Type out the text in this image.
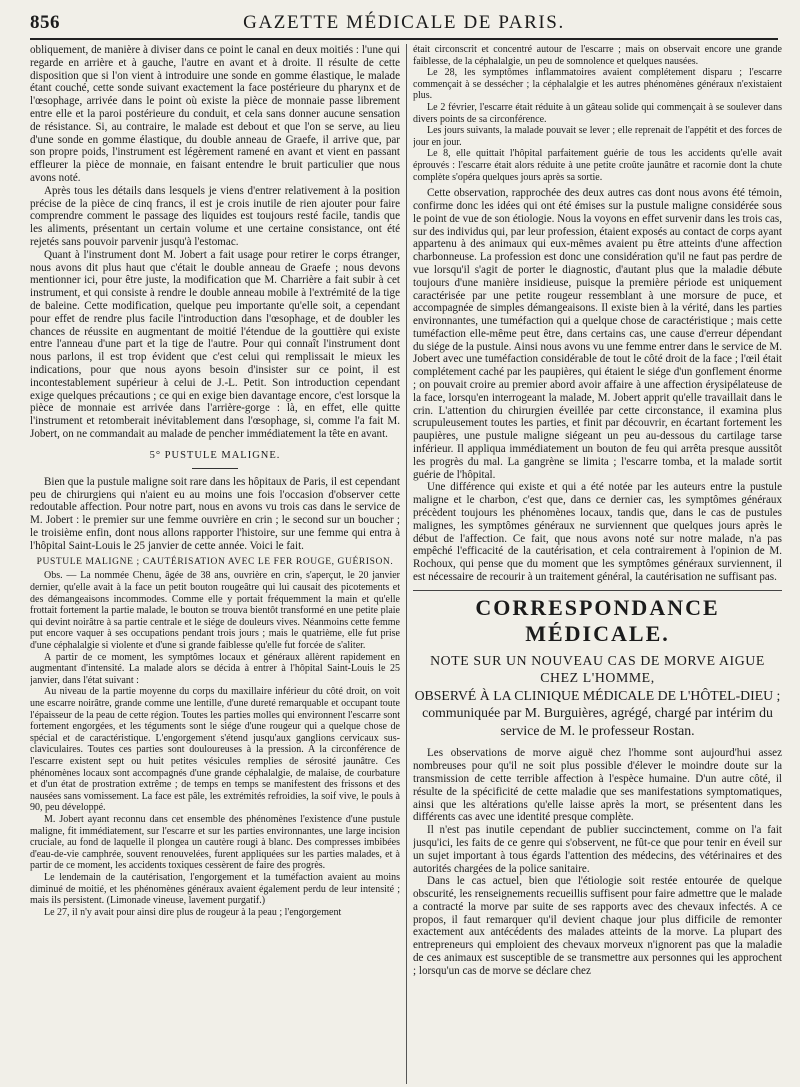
856	GAZETTE MÉDICALE DE PARIS.

obliquement, de manière à diviser dans ce point le canal en deux moitiés : l'une qui regarde en arrière et à gauche, l'autre en avant et à droite. Il résulte de cette disposition que si l'on vient à introduire une sonde en gomme élastique, le malade étant couché, cette sonde suivant exactement la face postérieure du pharynx et de l'œsophage, arrivée dans le point où existe la pièce de monnaie passe librement entre elle et la paroi postérieure du conduit, et cela sans donner aucune sensation de résistance. Si, au contraire, le malade est debout et que l'on se serve, au lieu d'une sonde en gomme élastique, du double anneau de Graefe, il arrive que, par son propre poids, l'instrument est légèrement ramené en avant et vient en passant effleurer la pièce de monnaie, en faisant entendre le bruit particulier que nous avons noté.

Après tous les détails dans lesquels je viens d'entrer relativement à la position précise de la pièce de cinq francs, il est je crois inutile de rien ajouter pour faire comprendre comment le passage des liquides est toujours resté facile, tandis que les aliments, présentant un certain volume et une certaine consistance, ont été rejetés sans pouvoir parvenir jusqu'à l'estomac.

Quant à l'instrument dont M. Jobert a fait usage pour retirer le corps étranger, nous avons dit plus haut que c'était le double anneau de Graefe ; nous devons mentionner ici, pour être juste, la modification que M. Charrière a fait subir à cet instrument, et qui consiste à rendre le double anneau mobile à l'extrémité de la tige de baleine. Cette modification, quelque peu importante qu'elle soit, a cependant pour effet de rendre plus facile l'introduction dans l'œsophage, et de doubler les chances de réussite en augmentant de moitié l'étendue de la gouttière qui existe entre l'anneau d'une part et la tige de l'autre. Pour qui connaît l'instrument dont nous parlons, il est trop évident que c'est celui qui remplissait le mieux les indications, pour que nous ayons besoin d'insister sur ce point, il est incontestablement supérieur à celui de J.-L. Petit. Son introduction cependant exige quelques précautions ; ce qui en exige bien davantage encore, c'est lorsque la pièce de monnaie est arrivée dans l'arrière-gorge : là, en effet, elle quitte l'instrument et retomberait inévitablement dans l'œsophage, si, comme l'a fait M. Jobert, on ne commandait au malade de pencher immédiatement la tête en avant.

5° PUSTULE MALIGNE.

Bien que la pustule maligne soit rare dans les hôpitaux de Paris, il est cependant peu de chirurgiens qui n'aient eu au moins une fois l'occasion d'observer cette redoutable affection. Pour notre part, nous en avons vu trois cas dans le service de M. Jobert : le premier sur une femme ouvrière en crin ; le second sur un boucher ; le troisième enfin, dont nous allons rapporter l'histoire, sur une femme qui entra à l'hôpital Saint-Louis le 25 janvier de cette année. Voici le fait.

PUSTULE MALIGNE ; CAUTÉRISATION AVEC LE FER ROUGE, GUÉRISON.

Obs. — La nommée Chenu, âgée de 38 ans, ouvrière en crin, s'aperçut, le 20 janvier dernier, qu'elle avait à la face un petit bouton rougeâtre qui lui causait des picotements et des démangeaisons incommodes. Comme elle y portait fréquemment la main et qu'elle frottait fortement la partie malade, le bouton se trouva bientôt transformé en une petite plaie qui devint noirâtre à sa partie centrale et le siége de douleurs vives. Néanmoins cette femme put encore vaquer à ses occupations pendant trois jours ; mais le quatrième, elle fut prise d'une céphalalgie si violente et d'une si grande faiblesse qu'elle fut forcée de s'aliter.

A partir de ce moment, les symptômes locaux et généraux allèrent rapidement en augmentant d'intensité. La malade alors se décida à entrer à l'hôpital Saint-Louis le 25 janvier, dans l'état suivant :

Au niveau de la partie moyenne du corps du maxillaire inférieur du côté droit, on voit une escarre noirâtre, grande comme une lentille, d'une dureté remarquable et occupant toute l'épaisseur de la peau de cette région. Toutes les parties molles qui environnent l'escarre sont fortement engorgées, et les téguments sont le siége d'une rougeur qui a quelque chose de spécial et de caractéristique. L'engorgement s'étend jusqu'aux ganglions cervicaux sus-claviculaires. Toutes ces parties sont douloureuses à la pression. A la circonférence de l'escarre existent sept ou huit petites vésicules remplies de sérosité jaunâtre. Ces phénomènes locaux sont accompagnés d'une grande céphalalgie, de malaise, de courbature et d'un état de prostration extrême ; de temps en temps se manifestent des frissons et des nausées sans vomissement. La face est pâle, les extrémités refroidies, la soif vive, le pouls à 90, peu développé.

M. Jobert ayant reconnu dans cet ensemble des phénomènes l'existence d'une pustule maligne, fit immédiatement, sur l'escarre et sur les parties environnantes, une large incision cruciale, au fond de laquelle il plongea un cautère rougi à blanc. Des compresses imbibées d'eau-de-vie camphrée, souvent renouvelées, furent appliquées sur les parties malades, et à partir de ce moment, les accidents toxiques cessèrent de faire des progrès.

Le lendemain de la cautérisation, l'engorgement et la tuméfaction avaient au moins diminué de moitié, et les phénomènes généraux avaient également perdu de leur intensité ; mais ils persistent. (Limonade vineuse, lavement purgatif.)

Le 27, il n'y avait pour ainsi dire plus de rougeur à la peau ; l'engorgement

était circonscrit et concentré autour de l'escarre ; mais on observait encore une grande faiblesse, de la céphalalgie, un peu de somnolence et quelques nausées.

Le 28, les symptômes inflammatoires avaient complétement disparu ; l'escarre commençait à se dessécher ; la céphalalgie et les autres phénomènes généraux n'existaient plus.

Le 2 février, l'escarre était réduite à un gâteau solide qui commençait à se soulever dans divers points de sa circonférence.

Les jours suivants, la malade pouvait se lever ; elle reprenait de l'appétit et des forces de jour en jour.

Le 8, elle quittait l'hôpital parfaitement guérie de tous les accidents qu'elle avait éprouvés : l'escarre était alors réduite à une petite croûte jaunâtre et racornie dont la chute complète s'opéra quelques jours après sa sortie.

Cette observation, rapprochée des deux autres cas dont nous avons été témoin, confirme donc les idées qui ont été émises sur la pustule maligne considérée sous le point de vue de son étiologie. Nous la voyons en effet survenir dans les trois cas, sur des individus qui, par leur profession, étaient exposés au contact de corps ayant appartenu à des animaux qui eux-mêmes avaient pu être atteints d'une affection charbonneuse. La profession est donc une considération qu'il ne faut pas perdre de vue lorsqu'il s'agit de porter le diagnostic, d'autant plus que la maladie débute toujours d'une manière insidieuse, puisque la première période est uniquement caractérisée par une petite rougeur ressemblant à une morsure de puce, et accompagnée de simples démangeaisons. Il existe bien à la vérité, dans les parties environnantes, une tuméfaction qui a quelque chose de caractéristique ; mais cette tuméfaction elle-même peut être, dans certains cas, une cause d'erreur dépendant du siége de la pustule. Ainsi nous avons vu une femme entrer dans le service de M. Jobert avec une tuméfaction considérable de tout le côté droit de la face ; l'œil était complétement caché par les paupières, qui étaient le siége d'un gonflement énorme ; on pouvait croire au premier abord avoir affaire à une affection érysipélateuse de la face, lorsqu'en interrogeant la malade, M. Jobert apprit qu'elle travaillait dans le crin. L'attention du chirurgien éveillée par cette circonstance, il examina plus scrupuleusement toutes les parties, et finit par découvrir, en écartant fortement les paupières, une pustule maligne siégeant un peu au-dessous du cartilage tarse inférieur. Il appliqua immédiatement un bouton de feu qui arrêta presque aussitôt les progrès du mal. La gangrène se limita ; l'escarre tomba, et la malade sortit guérie de l'hôpital.

Une différence qui existe et qui a été notée par les auteurs entre la pustule maligne et le charbon, c'est que, dans ce dernier cas, les symptômes généraux précèdent toujours les phénomènes locaux, tandis que, dans le cas de pustules malignes, les symptômes généraux ne surviennent que quelques jours après le début de l'affection. Ce fait, que nous avons noté sur notre malade, n'a pas empêché l'efficacité de la cautérisation, et cela contrairement à l'opinion de M. Rochoux, qui pense que du moment que les symptômes généraux surviennent, il est nécessaire de recourir à un traitement général, la cautérisation ne suffisant pas.

CORRESPONDANCE MÉDICALE.
NOTE SUR UN NOUVEAU CAS DE MORVE AIGUE CHEZ L'HOMME,
OBSERVÉ À LA CLINIQUE MÉDICALE DE L'HÔTEL-DIEU ; communiquée par M. Burguières, agrégé, chargé par intérim du service de M. le professeur Rostan.

Les observations de morve aiguë chez l'homme sont aujourd'hui assez nombreuses pour qu'il ne soit plus possible d'élever le moindre doute sur la transmission de cette terrible affection à l'espèce humaine. D'un autre côté, il résulte de la spécificité de cette maladie que ses manifestations symptomatiques, ainsi que les altérations qu'elle laisse après la mort, se présentent dans les différents cas avec une identité presque complète.

Il n'est pas inutile cependant de publier succinctement, comme on l'a fait jusqu'ici, les faits de ce genre qui s'observent, ne fût-ce que pour tenir en éveil sur un sujet important à tous égards l'attention des médecins, des vétérinaires et des autorités chargées de la police sanitaire.

Dans le cas actuel, bien que l'étiologie soit restée entourée de quelque obscurité, les renseignements recueillis suffisent pour faire admettre que le malade a contracté la morve par suite de ses rapports avec des chevaux infectés. A ce propos, il faut remarquer qu'il devient chaque jour plus difficile de remonter exactement aux antécédents des malades atteints de la morve. La plupart des entrepreneurs qui emploient des chevaux morveux n'ignorent pas que la maladie de ces animaux est susceptible de se transmettre aux personnes qui les approchent ; lorsqu'un cas de morve se déclare chez
